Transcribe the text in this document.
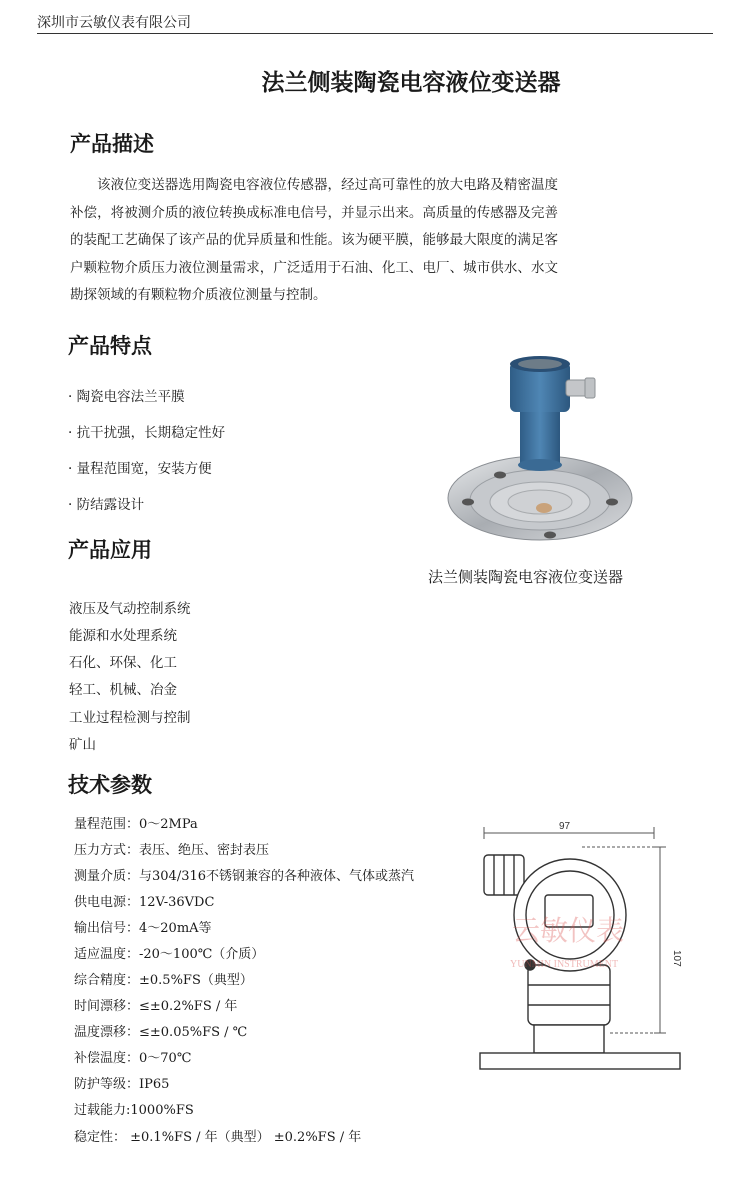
深圳市云敏仪表有限公司
法兰侧装陶瓷电容液位变送器
产品描述
该液位变送器选用陶瓷电容液位传感器，经过高可靠性的放大电路及精密温度补偿，将被测介质的液位转换成标准电信号，并显示出来。高质量的传感器及完善的装配工艺确保了该产品的优异质量和性能。该为硬平膜，能够最大限度的满足客户颗粒物介质压力液位测量需求，广泛适用于石油、化工、电厂、城市供水、水文勘探领域的有颗粒物介质液位测量与控制。
产品特点
· 陶瓷电容法兰平膜
· 抗干扰强，长期稳定性好
· 量程范围宽，安装方便
· 防结露设计
法兰侧装陶瓷电容液位变送器
产品应用
液压及气动控制系统
能源和水处理系统
石化、环保、化工
轻工、机械、冶金
工业过程检测与控制
矿山
技术参数
量程范围：0～2MPa
压力方式：表压、绝压、密封表压
测量介质：与304/316不锈钢兼容的各种液体、气体或蒸汽
供电电源：12V-36VDC
输出信号：4～20mA等
适应温度：-20～100℃（介质）
综合精度：±0.5%FS（典型）
时间漂移：≤±0.2%FS / 年
温度漂移：≤±0.05%FS / ℃
补偿温度：0～70℃
防护等级：IP65
过载能力:1000%FS
稳定性： ±0.1%FS / 年（典型） ±0.2%FS / 年
97
107
云敏仪表
YUNMIN INSTRUMENT
